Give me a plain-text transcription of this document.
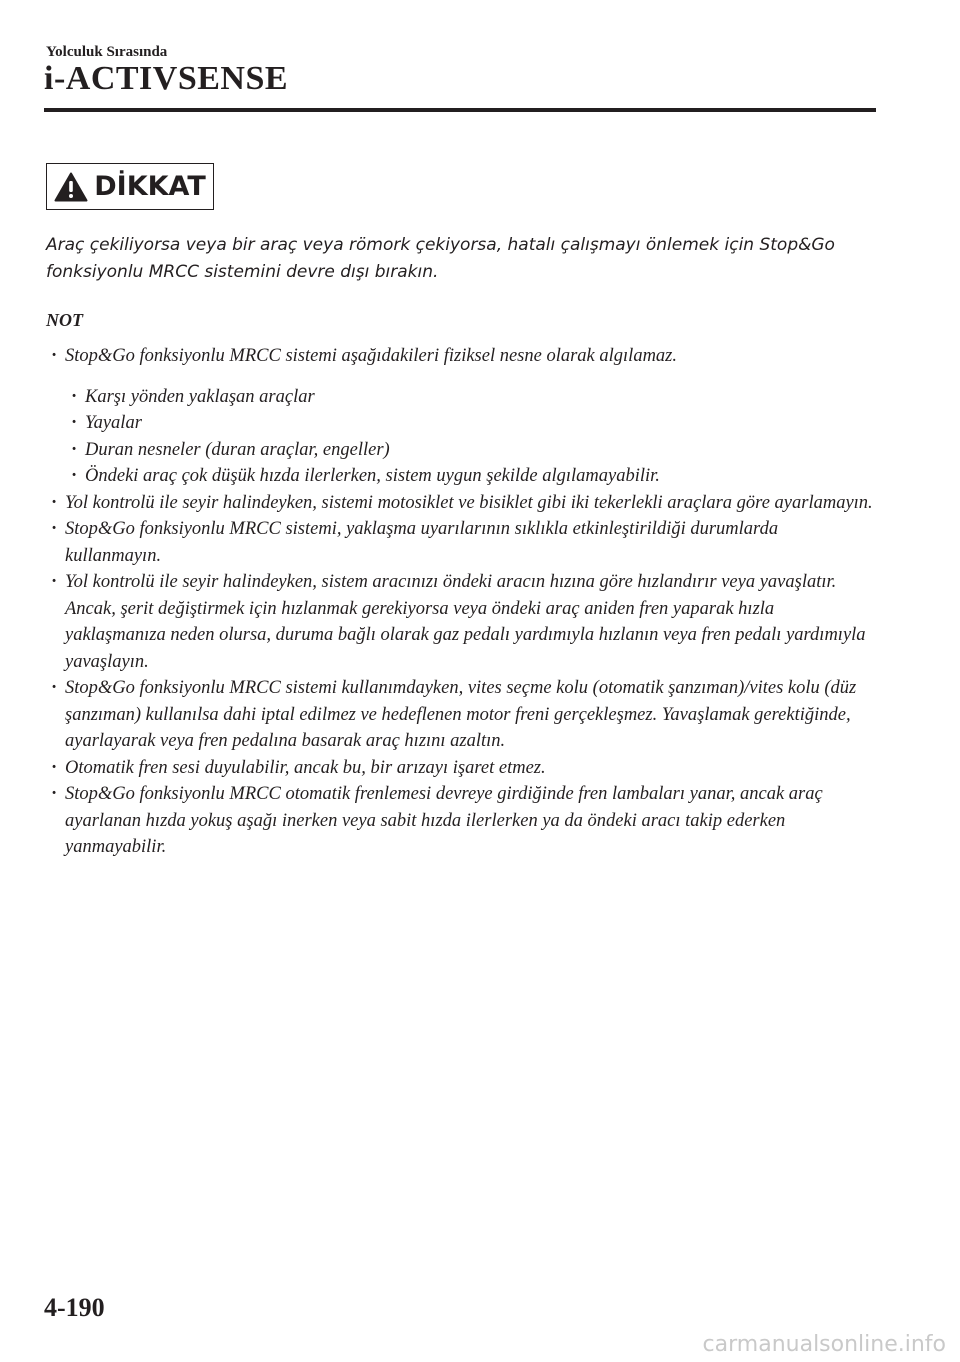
Yolculuk Sırasında
i-ACTIVSENSE
DİKKAT

Araç çekiliyorsa veya bir araç veya römork çekiyorsa, hatalı çalışmayı önlemek için Stop&Go fonksiyonlu MRCC sistemini devre dışı bırakın.

NOT
· Stop&Go fonksiyonlu MRCC sistemi aşağıdakileri fiziksel nesne olarak algılamaz.
· Karşı yönden yaklaşan araçlar
· Yayalar
· Duran nesneler (duran araçlar, engeller)
· Öndeki araç çok düşük hızda ilerlerken, sistem uygun şekilde algılamayabilir.
· Yol kontrolü ile seyir halindeyken, sistemi motosiklet ve bisiklet gibi iki tekerlekli araçlara göre ayarlamayın.
· Stop&Go fonksiyonlu MRCC sistemi, yaklaşma uyarılarının sıklıkla etkinleştirildiği durumlarda kullanmayın.
· Yol kontrolü ile seyir halindeyken, sistem aracınızı öndeki aracın hızına göre hızlandırır veya yavaşlatır. Ancak, şerit değiştirmek için hızlanmak gerekiyorsa veya öndeki araç aniden fren yaparak hızla yaklaşmanıza neden olursa, duruma bağlı olarak gaz pedalı yardımıyla hızlanın veya fren pedalı yardımıyla yavaşlayın.
· Stop&Go fonksiyonlu MRCC sistemi kullanımdayken, vites seçme kolu (otomatik şanzıman)/vites kolu (düz şanzıman) kullanılsa dahi iptal edilmez ve hedeflenen motor freni gerçekleşmez. Yavaşlamak gerektiğinde, ayarlayarak veya fren pedalına basarak araç hızını azaltın.
· Otomatik fren sesi duyulabilir, ancak bu, bir arızayı işaret etmez.
· Stop&Go fonksiyonlu MRCC otomatik frenlemesi devreye girdiğinde fren lambaları yanar, ancak araç ayarlanan hızda yokuş aşağı inerken veya sabit hızda ilerlerken ya da öndeki aracı takip ederken yanmayabilir.
4-190
carmanualsonline.info
